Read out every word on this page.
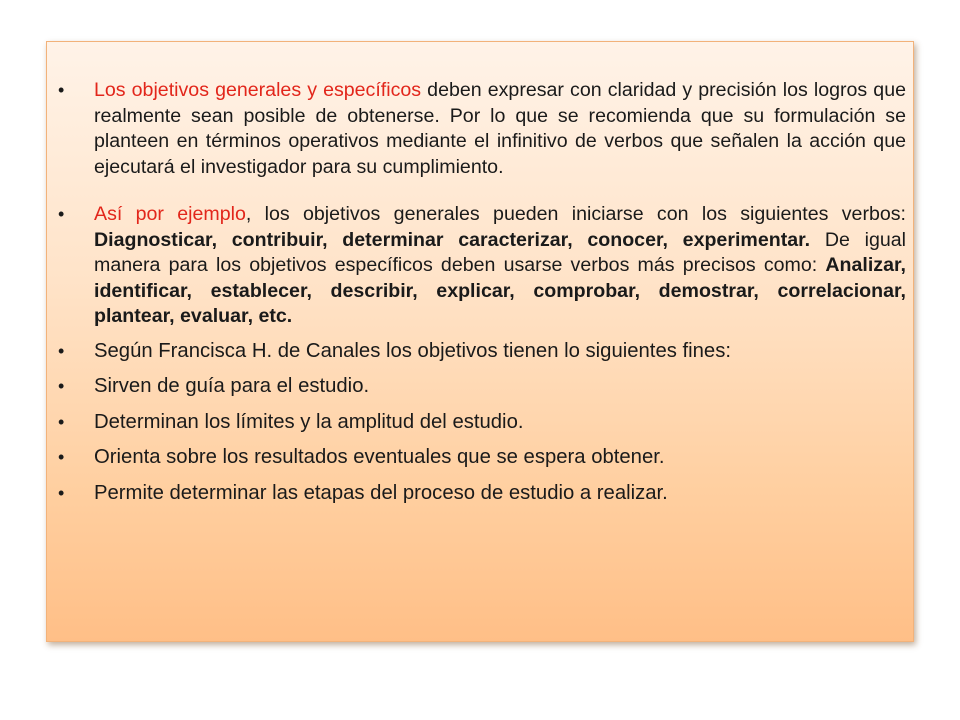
• Los objetivos generales y específicos deben expresar con claridad y precisión los logros que realmente sean posible de obtenerse. Por lo que se recomienda que su formulación se planteen en términos operativos mediante el infinitivo de verbos que señalen la acción que ejecutará el investigador para su cumplimiento.
• Así por ejemplo, los objetivos generales pueden iniciarse con los siguientes verbos: Diagnosticar, contribuir, determinar caracterizar, conocer, experimentar. De igual manera para los objetivos específicos deben usarse verbos más precisos como: Analizar, identificar, establecer, describir, explicar, comprobar, demostrar, correlacionar, plantear, evaluar, etc.
• Según Francisca H. de Canales los objetivos tienen lo siguientes fines:
• Sirven de guía para el estudio.
• Determinan los límites y la amplitud del estudio.
• Orienta sobre los resultados eventuales que se espera obtener.
• Permite determinar las etapas del proceso de estudio a realizar.
